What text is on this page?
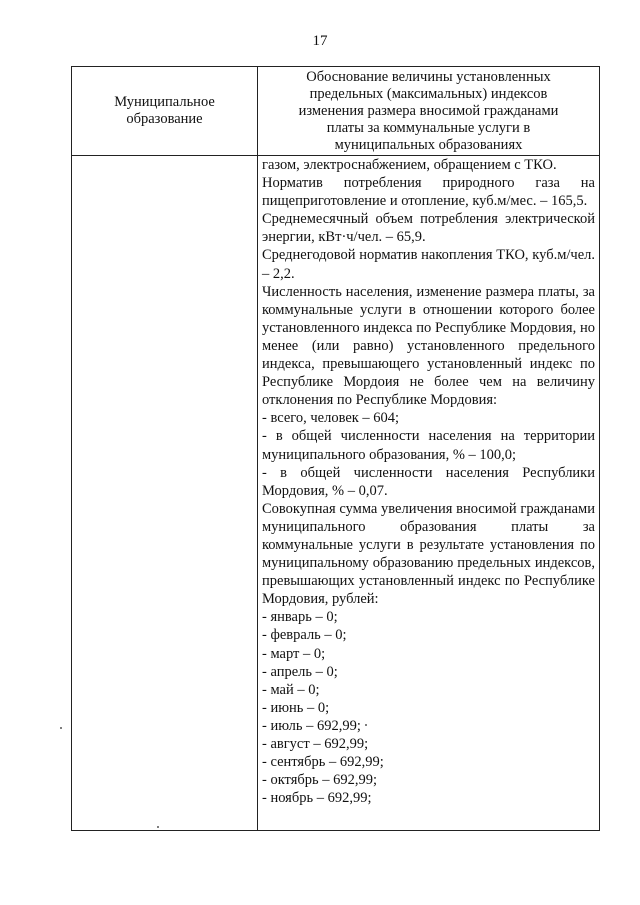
17
Муниципальное образование
Обоснование величины установленных
предельных (максимальных) индексов
изменения размера вносимой гражданами
платы за коммунальные услуги в
муниципальных образованиях

газом, электроснабжением, обращением с ТКО.

Норматив потребления природного газа на пищеприготовление и отопление, куб.м/мес. – 165,5.

Среднемесячный объем потребления электрической энергии, кВт·ч/чел. – 65,9.

Среднегодовой норматив накопления ТКО, куб.м/чел. – 2,2.

Численность населения, изменение размера платы, за коммунальные услуги в отношении которого более установленного индекса по Республике Мордовия, но менее (или равно) установленного предельного индекса, превышающего установленный индекс по Республике Мордоия не более чем на величину отклонения по Республике Мордовия:

- всего, человек – 604;

- в общей численности населения на территории муниципального образования, % – 100,0;

- в общей численности населения Республики Мордовия, % – 0,07.

Совокупная сумма увеличения вносимой гражданами муниципального образования платы за коммунальные услуги в результате установления по муниципальному образованию предельных индексов, превышающих установленный индекс по Республике Мордовия, рублей:

- январь – 0;

- февраль – 0;

- март – 0;

- апрель – 0;

- май – 0;

- июнь – 0;

- июль – 692,99;

- август – 692,99;

- сентябрь – 692,99;

- октябрь – 692,99;

- ноябрь – 692,99;
